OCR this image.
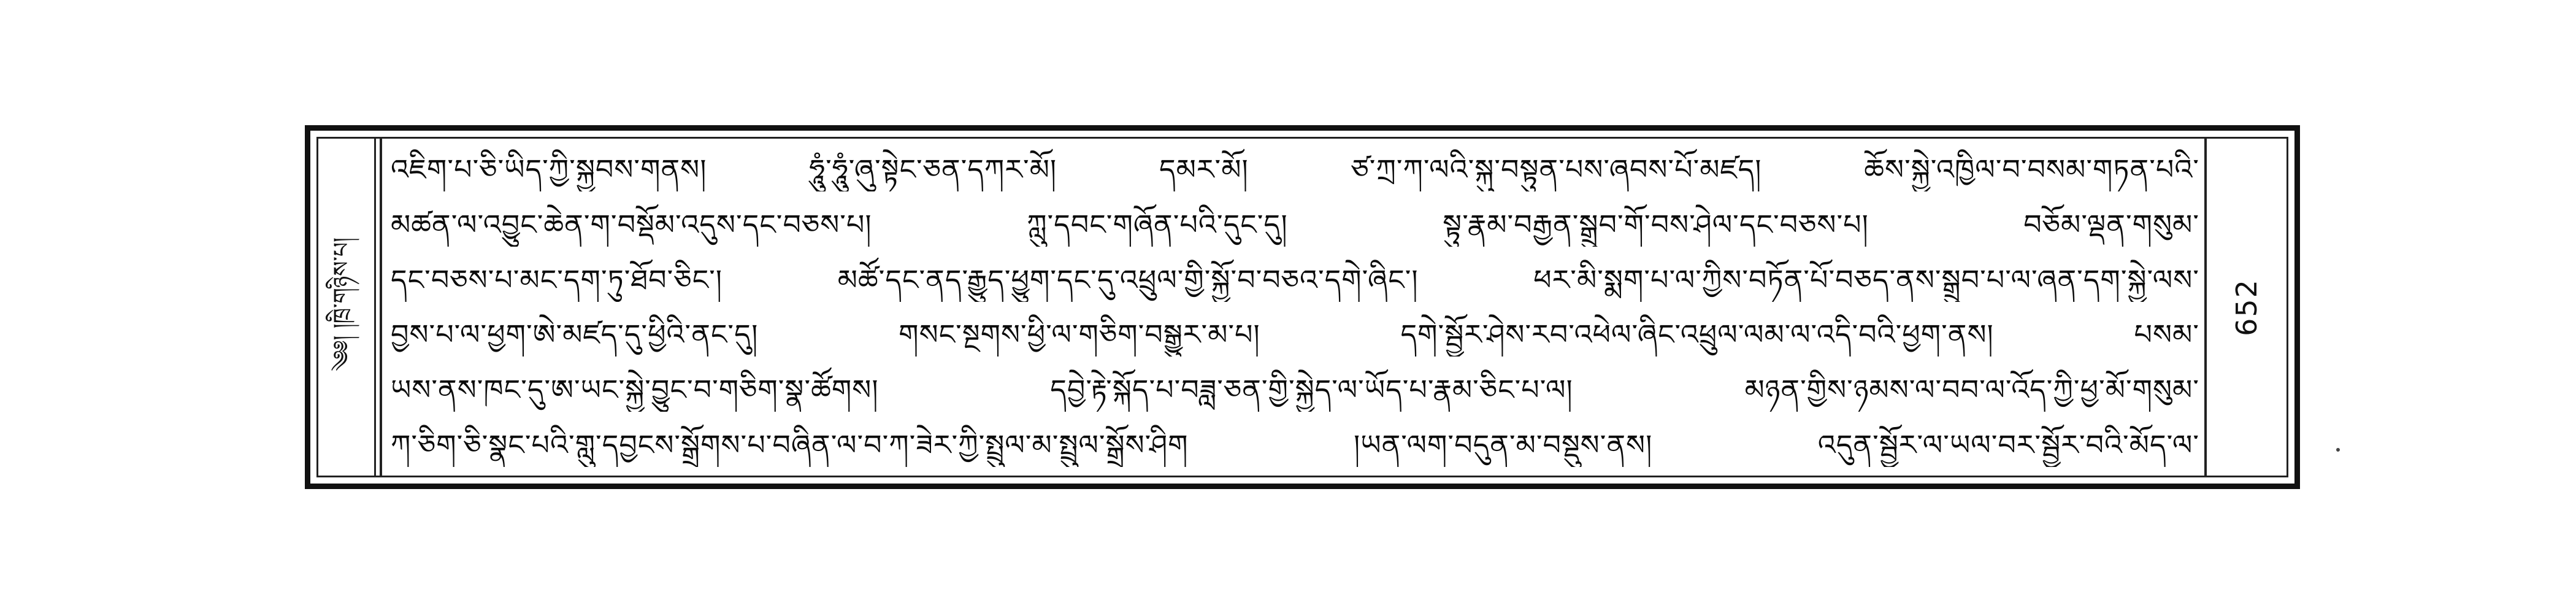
༄༅། །ཁྲི་གཉིས་པ།
འཇིག་པ་ཅི་ཡིད་ཀྱི་སྐྱབས་གནས། ཧཱུཾ་ཧཱུཾ་ཞུ་སྟེང་ཅན་དཀར་མོ། དམར་མོ། ཙ་ཀྲ་ཀ་ལའི་སྐུ་བསྟུན་པས་ཞབས་པོ་མཛད། ཆོས་སྐྱེ་འཁྱིལ་བ་བསམ་གཏན་པའི་
མཚན་ལ་འབྱུང་ཆེན་ག་བསྡོམ་འདུས་དང་བཅས་པ། ཀླུ་དབང་གཞོན་པའི་དུང་དུ། སྟུ་རྣམ་བརྒྱན་སྒྲུབ་གོ་བས་ཤེལ་དང་བཅས་པ། བཅོམ་ལྡན་གསུམ་
དང་བཅས་པ་མང་དག་ཏུ་ཐོབ་ཅིང་། མཚོ་དང་ནད་རྒྱུད་ཕྱུག་དང་དུ་འཕྲུལ་གྱི་སྐྱོ་བ་བཅའ་དགེ་ཞིང་། ཕར་མི་སྨག་པ་ལ་ཀྱིས་བཏོན་པོ་བཅད་ནས་སྒྲུབ་པ་ལ་ཞན་དག་སྐྱེ་ལས་
བྱས་པ་ལ་ཕྱག་ཨེ་མཛད་དུ་ཕྱིའི་ནང་དུ། གསང་སྔགས་ཕྱི་ལ་གཅིག་བསྒྱུར་མ་པ། དགེ་སྦྱོར་ཤེས་རབ་འཕེལ་ཞིང་འཕྲུལ་ལམ་ལ་འདི་བའི་ཕྱག་ནས། པསམ་
ཡས་ནས་ཁང་དུ་ཨ་ཡང་སྐྱེ་བྱུང་བ་གཅིག་སྣ་ཚོགས། དབྱེ་རྟེ་སྐོད་པ་བཟླ་ཅན་གྱི་སྐྱེད་ལ་ཡོད་པ་རྣམ་ཅིང་པ་ལ། མཉན་གྱིས་ཉམས་ལ་བབ་ལ་འོད་ཀྱི་ཕྱ་མོ་གསུམ་
ཀ་ཅིག་ཅི་སྣང་པའི་གླུ་དབྱངས་སྒྲོགས་པ་བཞིན་ལ་བ་ཀ་ཟེར་ཀྱི་སྤྲུལ་མ་སྤྲུལ་སྒྲོས་ཤིག །ཡན་ལག་བདུན་མ་བསྡུས་ནས། འདུན་སྦྱོར་ལ་ཡལ་བར་སྦྱོར་བའི་མོད་ལ་
652
